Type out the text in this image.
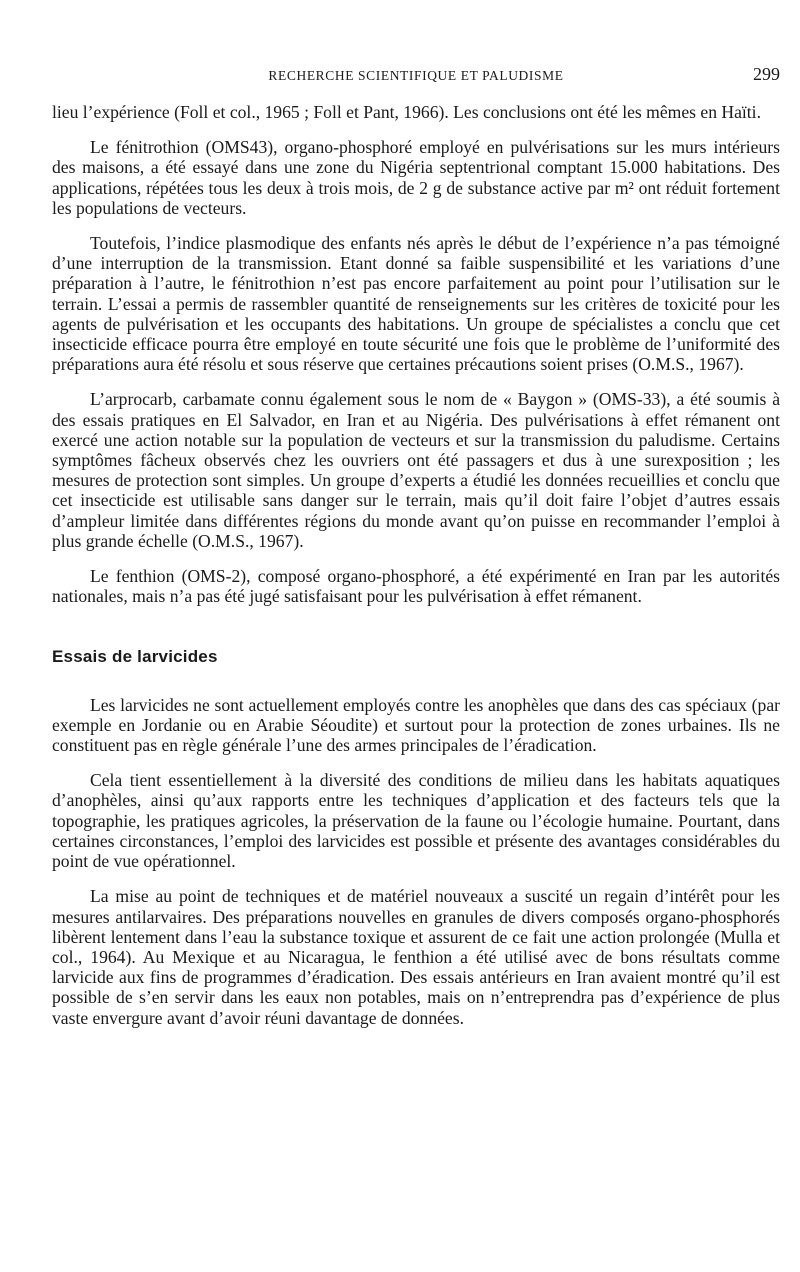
RECHERCHE SCIENTIFIQUE ET PALUDISME	299

lieu l’expérience (Foll et col., 1965 ; Foll et Pant, 1966). Les conclusions ont été les mêmes en Haïti.

Le fénitrothion (OMS43), organo-phosphoré employé en pulvérisations sur les murs intérieurs des maisons, a été essayé dans une zone du Nigéria septentrional comptant 15.000 habitations. Des applications, répétées tous les deux à trois mois, de 2 g de substance active par m² ont réduit fortement les populations de vecteurs.

Toutefois, l’indice plasmodique des enfants nés après le début de l’expérience n’a pas témoigné d’une interruption de la transmission. Etant donné sa faible suspensibilité et les variations d’une préparation à l’autre, le fénitrothion n’est pas encore parfaitement au point pour l’utilisation sur le terrain. L’essai a permis de rassembler quantité de renseignements sur les critères de toxicité pour les agents de pulvérisation et les occupants des habitations. Un groupe de spécialistes a conclu que cet insecticide efficace pourra être employé en toute sécurité une fois que le problème de l’uniformité des préparations aura été résolu et sous réserve que certaines précautions soient prises (O.M.S., 1967).

L’arprocarb, carbamate connu également sous le nom de « Baygon » (OMS-33), a été soumis à des essais pratiques en El Salvador, en Iran et au Nigéria. Des pulvérisations à effet rémanent ont exercé une action notable sur la population de vecteurs et sur la transmission du paludisme. Certains symptômes fâcheux observés chez les ouvriers ont été passagers et dus à une surexposition ; les mesures de protection sont simples. Un groupe d’experts a étudié les données recueillies et conclu que cet insecticide est utilisable sans danger sur le terrain, mais qu’il doit faire l’objet d’autres essais d’ampleur limitée dans différentes régions du monde avant qu’on puisse en recommander l’emploi à plus grande échelle (O.M.S., 1967).

Le fenthion (OMS-2), composé organo-phosphoré, a été expérimenté en Iran par les autorités nationales, mais n’a pas été jugé satisfaisant pour les pulvérisation à effet rémanent.

Essais de larvicides

Les larvicides ne sont actuellement employés contre les anophèles que dans des cas spéciaux (par exemple en Jordanie ou en Arabie Séoudite) et surtout pour la protection de zones urbaines. Ils ne constituent pas en règle générale l’une des armes principales de l’éradication.

Cela tient essentiellement à la diversité des conditions de milieu dans les habitats aquatiques d’anophèles, ainsi qu’aux rapports entre les techniques d’application et des facteurs tels que la topographie, les pratiques agricoles, la préservation de la faune ou l’écologie humaine. Pourtant, dans certaines circonstances, l’emploi des larvicides est possible et présente des avantages considérables du point de vue opérationnel.

La mise au point de techniques et de matériel nouveaux a suscité un regain d’intérêt pour les mesures antilarvaires. Des préparations nouvelles en granules de divers composés organo-phosphorés libèrent lentement dans l’eau la substance toxique et assurent de ce fait une action prolongée (Mulla et col., 1964). Au Mexique et au Nicaragua, le fenthion a été utilisé avec de bons résultats comme larvicide aux fins de programmes d’éradication. Des essais antérieurs en Iran avaient montré qu’il est possible de s’en servir dans les eaux non potables, mais on n’entreprendra pas d’expérience de plus vaste envergure avant d’avoir réuni davantage de données.
